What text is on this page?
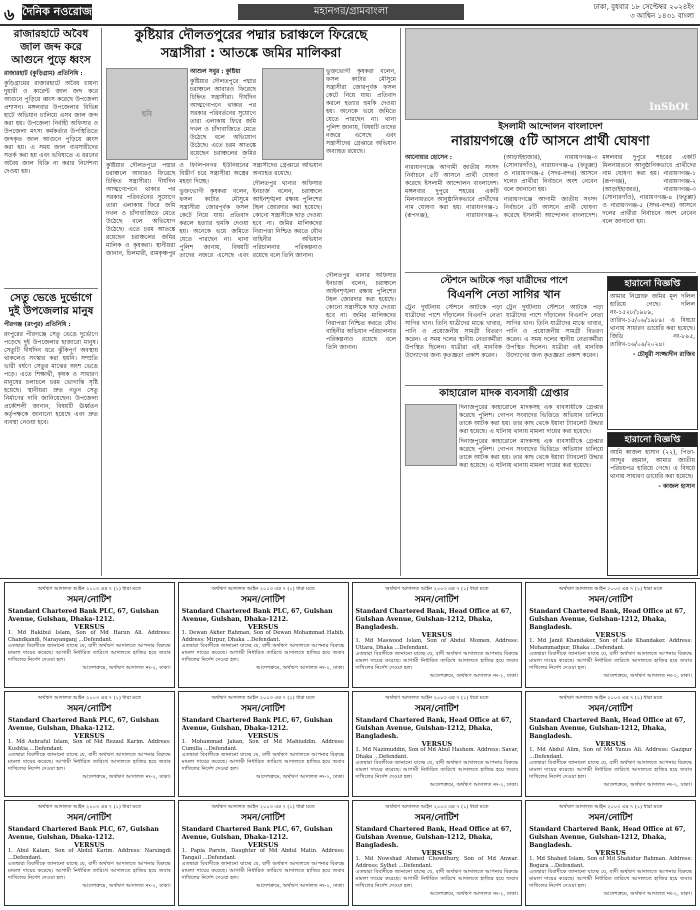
৬ দৈনিক নওরোজ	মহানগর/গ্রামবাংলা	ঢাকা, বুধবার ১৮ সেপ্টেম্বর ২০২৪ইং
৩ আশ্বিন ১৪৩১ বাংলা
রাজারহাটে অবৈধ জাল জব্দ করে আগুনে পুড়ে ধ্বংস

রাজারহাট (কুড়িগ্রাম) প্রতিনিধি :

কুড়িগ্রামের রাজারহাটে অবৈধ চায়না দুয়ারী ও কারেন্ট জাল জব্দ করে আগুনে পুড়িয়ে ধ্বংস করেছে উপজেলা প্রশাসন। মঙ্গলবার উপজেলার বিভিন্ন হাটে অভিযান চালিয়ে এসব জাল জব্দ করা হয়। উপজেলা নির্বাহী অফিসার ও উপজেলা মৎস্য কর্মকর্তার উপস্থিতিতে জব্দকৃত জাল আগুনে পুড়িয়ে ধ্বংস করা হয়। এ সময় জাল ব্যবসায়ীদের সতর্ক করা হয় এবং ভবিষ্যতে এ ধরনের অবৈধ জাল বিক্রি না করার নির্দেশনা দেওয়া হয়।

সেতু ভেঙে দুর্ভোগে দুই উপজেলার মানুষ

পীরগঞ্জ (রংপুর) প্রতিনিধি :

রংপুরের পীরগঞ্জে সেতু ভেঙে দুর্ভোগে পড়েছে দুই উপজেলার হাজারো মানুষ। সেতুটি দীর্ঘদিন ধরে ঝুঁকিপূর্ণ অবস্থায় থাকলেও সংস্কার করা হয়নি। সম্প্রতি ভারী বর্ষণে সেতুর মাঝের অংশ ভেঙে পড়ে। এতে শিক্ষার্থী, কৃষক ও সাধারণ মানুষের চলাচলে চরম ভোগান্তি সৃষ্টি হয়েছে। স্থানীয়রা দ্রুত নতুন সেতু নির্মাণের দাবি জানিয়েছেন। উপজেলা প্রকৌশলী জানান, বিষয়টি ঊর্ধ্বতন কর্তৃপক্ষকে জানানো হয়েছে এবং দ্রুত ব্যবস্থা নেওয়া হবে।

কুষ্টিয়ার দৌলতপুরের পদ্মার চরাঞ্চলে ফিরেছে
সন্ত্রাসীরা : আতঙ্কে জমির মালিকরা
ছবি

আশুল সবুর : কুষ্টিয়া

কুষ্টিয়ার দৌলতপুরে পদ্মার চরাঞ্চলে আবারও ফিরেছে চিহ্নিত সন্ত্রাসীরা। দীর্ঘদিন আত্মগোপনে থাকার পর সরকার পরিবর্তনের সুযোগে তারা এলাকায় ফিরে জমি দখল ও চাঁদাবাজিতে মেতে উঠেছে বলে অভিযোগ উঠেছে। এতে চরম আতঙ্কে রয়েছেন চরাঞ্চলের জমির

ভুক্তভোগী কৃষকরা বলেন, ফসল কাটার মৌসুমে সন্ত্রাসীরা জোরপূর্বক ফসল কেটে নিয়ে যায়। প্রতিবাদ করলে হত্যার হুমকি দেওয়া হয়। অনেকে ভয়ে জমিতে যেতে পারছেন না। থানা পুলিশ জানায়, বিষয়টি তাদের নজরে এসেছে এবং সন্ত্রাসীদের গ্রেপ্তারে অভিযান অব্যাহত রয়েছে।

কুষ্টিয়ার দৌলতপুরে পদ্মার চরাঞ্চলে আবারও ফিরেছে চিহ্নিত সন্ত্রাসীরা। দীর্ঘদিন আত্মগোপনে থাকার পর সরকার পরিবর্তনের সুযোগে তারা এলাকায় ফিরে জমি দখল ও চাঁদাবাজিতে মেতে উঠেছে বলে অভিযোগ উঠেছে। এতে চরম আতঙ্কে রয়েছেন চরাঞ্চলের জমির মালিক ও কৃষকরা। স্থানীয়রা জানান, চিলমারী, রামকৃষ্ণপুর ও ফিলিপনগর ইউনিয়নের বিস্তীর্ণ চরে সন্ত্রাসীরা অস্ত্রের মহড়া দিচ্ছে।

ভুক্তভোগী কৃষকরা বলেন, ফসল কাটার মৌসুমে সন্ত্রাসীরা জোরপূর্বক ফসল কেটে নিয়ে যায়। প্রতিবাদ করলে হত্যার হুমকি দেওয়া হয়। অনেকে ভয়ে জমিতে যেতে পারছেন না। থানা পুলিশ জানায়, বিষয়টি তাদের নজরে এসেছে এবং সন্ত্রাসীদের গ্রেপ্তারে অভিযান অব্যাহত রয়েছে।

দৌলতপুর থানার অফিসার ইনচার্জ বলেন, চরাঞ্চলে আইনশৃঙ্খলা রক্ষায় পুলিশের টহল জোরদার করা হয়েছে। কোনো সন্ত্রাসীকে ছাড় দেওয়া হবে না। জমির মালিকদের নিরাপত্তা নিশ্চিত করতে যৌথ বাহিনীর অভিযান পরিচালনার পরিকল্পনাও রয়েছে বলে তিনি জানান।

দৌলতপুর থানার অফিসার ইনচার্জ বলেন, চরাঞ্চলে আইনশৃঙ্খলা রক্ষায় পুলিশের টহল জোরদার করা হয়েছে। কোনো সন্ত্রাসীকে ছাড় দেওয়া হবে না। জমির মালিকদের নিরাপত্তা নিশ্চিত করতে যৌথ বাহিনীর অভিযান পরিচালনার পরিকল্পনাও রয়েছে বলে তিনি জানান।

InShOt
ইসলামী আন্দোলন বাংলাদেশ
নারায়ণগঞ্জে ৫টি আসনে প্রার্থী ঘোষণা

আনোয়ার হোসেন :

নারায়ণগঞ্জে আগামী জাতীয় সংসদ নির্বাচনে ৫টি আসনে প্রার্থী ঘোষণা করেছে ইসলামী আন্দোলন বাংলাদেশ। মঙ্গলবার দুপুরে শহরের একটি মিলনায়তনে আনুষ্ঠানিকভাবে প্রার্থীদের নাম ঘোষণা করা হয়। নারায়ণগঞ্জ-১ (রূপগঞ্জ), নারায়ণগঞ্জ-২ (আড়াইহাজার), নারায়ণগঞ্জ-৩ (সোনারগাঁও), নারায়ণগঞ্জ-৪ (ফতুল্লা) ও নারায়ণগঞ্জ-৫ (সদর-বন্দর) আসনে দলের প্রার্থীরা নির্বাচনে অংশ নেবেন বলে জানানো হয়।

নারায়ণগঞ্জে আগামী জাতীয় সংসদ নির্বাচনে ৫টি আসনে প্রার্থী ঘোষণা করেছে ইসলামী আন্দোলন বাংলাদেশ। মঙ্গলবার দুপুরে শহরের একটি মিলনায়তনে আনুষ্ঠানিকভাবে প্রার্থীদের নাম ঘোষণা করা হয়। নারায়ণগঞ্জ-১ (রূপগঞ্জ), নারায়ণগঞ্জ-২ (আড়াইহাজার), নারায়ণগঞ্জ-৩ (সোনারগাঁও), নারায়ণগঞ্জ-৪ (ফতুল্লা) ও নারায়ণগঞ্জ-৫ (সদর-বন্দর) আসনে দলের প্রার্থীরা নির্বাচনে অংশ নেবেন বলে জানানো হয়।

স্টেশনে আটকে পড়া যাত্রীদের পাশে
বিএনপি নেতা সাগির খান

ট্রেন দুর্ঘটনায় স্টেশনে আটকে পড়া যাত্রীদের পাশে দাঁড়ালেন বিএনপি নেতা সাগির খান। তিনি যাত্রীদের মাঝে খাবার, পানি ও প্রয়োজনীয় সামগ্রী বিতরণ করেন। এ সময় দলের স্থানীয় নেতাকর্মীরা উপস্থিত ছিলেন। যাত্রীরা এই মানবিক উদ্যোগের জন্য কৃতজ্ঞতা প্রকাশ করেন।

ট্রেন দুর্ঘটনায় স্টেশনে আটকে পড়া যাত্রীদের পাশে দাঁড়ালেন বিএনপি নেতা সাগির খান। তিনি যাত্রীদের মাঝে খাবার, পানি ও প্রয়োজনীয় সামগ্রী বিতরণ করেন। এ সময় দলের স্থানীয় নেতাকর্মীরা উপস্থিত ছিলেন। যাত্রীরা এই মানবিক উদ্যোগের জন্য কৃতজ্ঞতা প্রকাশ করেন।

কাহারোল মাদক ব্যবসায়ী গ্রেপ্তার

দিনাজপুরের কাহারোলে মাদকসহ এক ব্যবসায়ীকে গ্রেপ্তার করেছে পুলিশ। গোপন সংবাদের ভিত্তিতে অভিযান চালিয়ে তাকে আটক করা হয়। তার কাছ থেকে ইয়াবা ট্যাবলেট উদ্ধার করা হয়েছে। এ ঘটনায় থানায় মামলা দায়ের করা হয়েছে।

দিনাজপুরের কাহারোলে মাদকসহ এক ব্যবসায়ীকে গ্রেপ্তার করেছে পুলিশ। গোপন সংবাদের ভিত্তিতে অভিযান চালিয়ে তাকে আটক করা হয়। তার কাছ থেকে ইয়াবা ট্যাবলেট উদ্ধার করা হয়েছে। এ ঘটনায় থানায় মামলা দায়ের করা হয়েছে।

হারানো বিজ্ঞপ্তি

আমার নিম্নোক্ত জমির মূল দলিল হারিয়ে গেছে। দলিল নং-১৫২৮/১৯৮৯, তারিখ-১৫/০৬/১৯৮৯। এ বিষয়ে থানায় সাধারণ ডায়েরি করা হয়েছে। জিডি নং-৮৯৫, তারিখ-১৬/০৯/২০২৪।

- চৌধুরী সাজ্জাদীন রাজিব

হারানো বিজ্ঞপ্তি

আমি কাজল হাসান (২২), পিতা- আব্দুর রহমান, আমার জাতীয় পরিচয়পত্র হারিয়ে গেছে। এ বিষয়ে থানায় সাধারণ ডায়েরি করা হয়েছে।

- কাজল হাসান

অর্থঋণ আদালত আইন ২০০৩ এর ৭ (১) ধারা মতে
সমন/নোটিশ
Standard Chartered Bank PLC, 67, Gulshan Avenue, Gulshan, Dhaka-1212.
VERSUS
1. Md Rakibul Islam, Son of Md Harun Ali. Address: Chandkandi, Narayanganj ...Defendant.
এতদ্বারা বিবাদীকে জানানো যাচ্ছে যে, বাদী অর্থঋণ আদালতে আপনার বিরুদ্ধে মামলা দায়ের করেছে। আগামী নির্ধারিত তারিখে আদালতে হাজির হয়ে জবাব দাখিলের নির্দেশ দেওয়া হল।
আদেশক্রমে, অর্থঋণ আদালত নং-২, ঢাকা।
অর্থঋণ আদালত আইন ২০০৩ এর ৭ (১) ধারা মতে
সমন/নোটিশ
Standard Chartered Bank PLC, 67, Gulshan Avenue, Gulshan, Dhaka-1212.
VERSUS
1. Dewan Akher Rahman, Son of Dewan Mohammad Habib. Address: Mirpur, Dhaka ...Defendant.
এতদ্বারা বিবাদীকে জানানো যাচ্ছে যে, বাদী অর্থঋণ আদালতে আপনার বিরুদ্ধে মামলা দায়ের করেছে। আগামী নির্ধারিত তারিখে আদালতে হাজির হয়ে জবাব দাখিলের নির্দেশ দেওয়া হল।
আদেশক্রমে, অর্থঋণ আদালত নং-২, ঢাকা।
অর্থঋণ আদালত আইন ২০০৩ এর ৭ (১) ধারা মতে
সমন/নোটিশ
Standard Chartered Bank, Head Office at 67, Gulshan Avenue, Gulshan-1212, Dhaka, Bangladesh.
VERSUS
1. Md Maswood Islam, Son of Abdul Momen. Address: Uttara, Dhaka ...Defendant.
এতদ্বারা বিবাদীকে জানানো যাচ্ছে যে, বাদী অর্থঋণ আদালতে আপনার বিরুদ্ধে মামলা দায়ের করেছে। আগামী নির্ধারিত তারিখে আদালতে হাজির হয়ে জবাব দাখিলের নির্দেশ দেওয়া হল।
আদেশক্রমে, অর্থঋণ আদালত নং-২, ঢাকা।
অর্থঋণ আদালত আইন ২০০৩ এর ৭ (১) ধারা মতে
সমন/নোটিশ
Standard Chartered Bank, Head Office at 67, Gulshan Avenue, Gulshan-1212, Dhaka, Bangladesh.
VERSUS
1. Md Jamil Khandaker, Son of Late Khandaker. Address: Mohammadpur, Dhaka ...Defendant.
এতদ্বারা বিবাদীকে জানানো যাচ্ছে যে, বাদী অর্থঋণ আদালতে আপনার বিরুদ্ধে মামলা দায়ের করেছে। আগামী নির্ধারিত তারিখে আদালতে হাজির হয়ে জবাব দাখিলের নির্দেশ দেওয়া হল।
আদেশক্রমে, অর্থঋণ আদালত নং-২, ঢাকা।
অর্থঋণ আদালত আইন ২০০৩ এর ৭ (১) ধারা মতে
সমন/নোটিশ
Standard Chartered Bank PLC, 67, Gulshan Avenue, Gulshan, Dhaka-1212.
VERSUS
1. Md Ashraful Islam, Son of Md Rezaul Karim. Address: Kushtia ...Defendant.
এতদ্বারা বিবাদীকে জানানো যাচ্ছে যে, বাদী অর্থঋণ আদালতে আপনার বিরুদ্ধে মামলা দায়ের করেছে। আগামী নির্ধারিত তারিখে আদালতে হাজির হয়ে জবাব দাখিলের নির্দেশ দেওয়া হল।
আদেশক্রমে, অর্থঋণ আদালত নং-২, ঢাকা।
অর্থঋণ আদালত আইন ২০০৩ এর ৭ (১) ধারা মতে
সমন/নোটিশ
Standard Chartered Bank PLC, 67, Gulshan Avenue, Gulshan, Dhaka-1212.
VERSUS
1. Mohammad Jahan, Son of Md Mahiuddin. Address: Cumilla ...Defendant.
এতদ্বারা বিবাদীকে জানানো যাচ্ছে যে, বাদী অর্থঋণ আদালতে আপনার বিরুদ্ধে মামলা দায়ের করেছে। আগামী নির্ধারিত তারিখে আদালতে হাজির হয়ে জবাব দাখিলের নির্দেশ দেওয়া হল।
আদেশক্রমে, অর্থঋণ আদালত নং-২, ঢাকা।
অর্থঋণ আদালত আইন ২০০৩ এর ৭ (১) ধারা মতে
সমন/নোটিশ
Standard Chartered Bank, Head Office at 67, Gulshan Avenue, Gulshan-1212, Dhaka, Bangladesh.
VERSUS
1. Md Nazimuddin, Son of Md Abul Hashem. Address: Savar, Dhaka ...Defendant.
এতদ্বারা বিবাদীকে জানানো যাচ্ছে যে, বাদী অর্থঋণ আদালতে আপনার বিরুদ্ধে মামলা দায়ের করেছে। আগামী নির্ধারিত তারিখে আদালতে হাজির হয়ে জবাব দাখিলের নির্দেশ দেওয়া হল।
আদেশক্রমে, অর্থঋণ আদালত নং-২, ঢাকা।
অর্থঋণ আদালত আইন ২০০৩ এর ৭ (১) ধারা মতে
সমন/নোটিশ
Standard Chartered Bank, Head Office at 67, Gulshan Avenue, Gulshan-1212, Dhaka, Bangladesh.
VERSUS
1. Md Abdul Alim, Son of Md Yunus Ali. Address: Gazipur ...Defendant.
এতদ্বারা বিবাদীকে জানানো যাচ্ছে যে, বাদী অর্থঋণ আদালতে আপনার বিরুদ্ধে মামলা দায়ের করেছে। আগামী নির্ধারিত তারিখে আদালতে হাজির হয়ে জবাব দাখিলের নির্দেশ দেওয়া হল।
আদেশক্রমে, অর্থঋণ আদালত নং-২, ঢাকা।
অর্থঋণ আদালত আইন ২০০৩ এর ৭ (১) ধারা মতে
সমন/নোটিশ
Standard Chartered Bank PLC, 67, Gulshan Avenue, Gulshan, Dhaka-1212.
VERSUS
1. Abul Kalam, Son of Abdul Karim. Address: Narsingdi ...Defendant.
এতদ্বারা বিবাদীকে জানানো যাচ্ছে যে, বাদী অর্থঋণ আদালতে আপনার বিরুদ্ধে মামলা দায়ের করেছে। আগামী নির্ধারিত তারিখে আদালতে হাজির হয়ে জবাব দাখিলের নির্দেশ দেওয়া হল।
আদেশক্রমে, অর্থঋণ আদালত নং-২, ঢাকা।
অর্থঋণ আদালত আইন ২০০৩ এর ৭ (১) ধারা মতে
সমন/নোটিশ
Standard Chartered Bank PLC, 67, Gulshan Avenue, Gulshan, Dhaka-1212.
VERSUS
1. Papia Parvin, Daughter of Md Abdul Matin. Address: Tangail ...Defendant.
এতদ্বারা বিবাদীকে জানানো যাচ্ছে যে, বাদী অর্থঋণ আদালতে আপনার বিরুদ্ধে মামলা দায়ের করেছে। আগামী নির্ধারিত তারিখে আদালতে হাজির হয়ে জবাব দাখিলের নির্দেশ দেওয়া হল।
আদেশক্রমে, অর্থঋণ আদালত নং-২, ঢাকা।
অর্থঋণ আদালত আইন ২০০৩ এর ৭ (১) ধারা মতে
সমন/নোটিশ
Standard Chartered Bank, Head Office at 67, Gulshan Avenue, Gulshan-1212, Dhaka, Bangladesh.
VERSUS
1. Md Nowshad Ahmed Chowdhury, Son of Md Anwar. Address: Sylhet ...Defendant.
এতদ্বারা বিবাদীকে জানানো যাচ্ছে যে, বাদী অর্থঋণ আদালতে আপনার বিরুদ্ধে মামলা দায়ের করেছে। আগামী নির্ধারিত তারিখে আদালতে হাজির হয়ে জবাব দাখিলের নির্দেশ দেওয়া হল।
আদেশক্রমে, অর্থঋণ আদালত নং-২, ঢাকা।
অর্থঋণ আদালত আইন ২০০৩ এর ৭ (১) ধারা মতে
সমন/নোটিশ
Standard Chartered Bank, Head Office at 67, Gulshan Avenue, Gulshan-1212, Dhaka, Bangladesh.
VERSUS
1. Md Shahed Islam, Son of Md Shahidur Rahman. Address: Bogura ...Defendant.
এতদ্বারা বিবাদীকে জানানো যাচ্ছে যে, বাদী অর্থঋণ আদালতে আপনার বিরুদ্ধে মামলা দায়ের করেছে। আগামী নির্ধারিত তারিখে আদালতে হাজির হয়ে জবাব দাখিলের নির্দেশ দেওয়া হল।
আদেশক্রমে, অর্থঋণ আদালত নং-২, ঢাকা।
